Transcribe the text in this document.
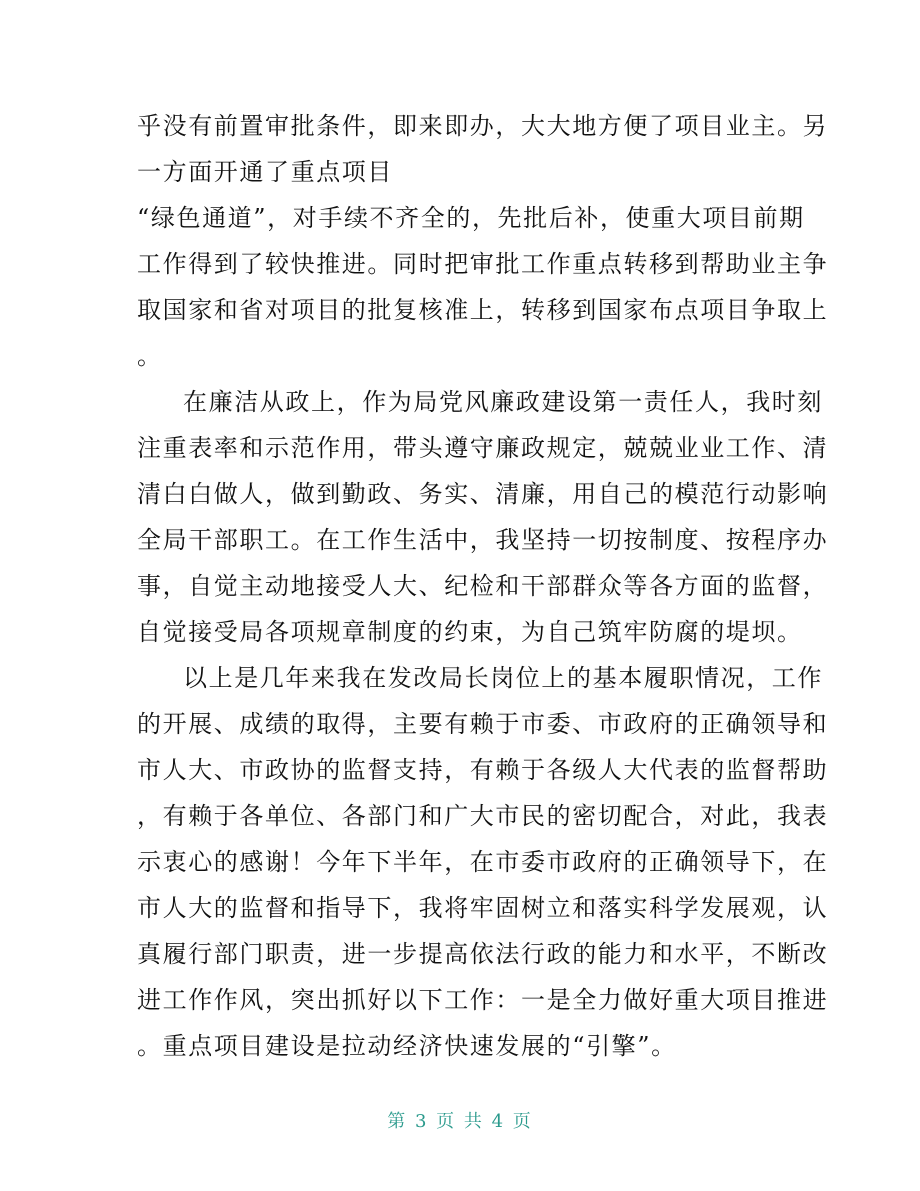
乎没有前置审批条件，即来即办，大大地方便了项目业主。另
一方面开通了重点项目
“绿色通道”，对手续不齐全的，先批后补，使重大项目前期
工作得到了较快推进。同时把审批工作重点转移到帮助业主争
取国家和省对项目的批复核准上，转移到国家布点项目争取上
。
在廉洁从政上，作为局党风廉政建设第一责任人，我时刻
注重表率和示范作用，带头遵守廉政规定，兢兢业业工作、清
清白白做人，做到勤政、务实、清廉，用自己的模范行动影响
全局干部职工。在工作生活中，我坚持一切按制度、按程序办
事，自觉主动地接受人大、纪检和干部群众等各方面的监督，
自觉接受局各项规章制度的约束，为自己筑牢防腐的堤坝。
以上是几年来我在发改局长岗位上的基本履职情况，工作
的开展、成绩的取得，主要有赖于市委、市政府的正确领导和
市人大、市政协的监督支持，有赖于各级人大代表的监督帮助
，有赖于各单位、各部门和广大市民的密切配合，对此，我表
示衷心的感谢！今年下半年，在市委市政府的正确领导下，在
市人大的监督和指导下，我将牢固树立和落实科学发展观，认
真履行部门职责，进一步提高依法行政的能力和水平，不断改
进工作作风，突出抓好以下工作：一是全力做好重大项目推进
。重点项目建设是拉动经济快速发展的“引擎”。
第 3 页 共 4 页
